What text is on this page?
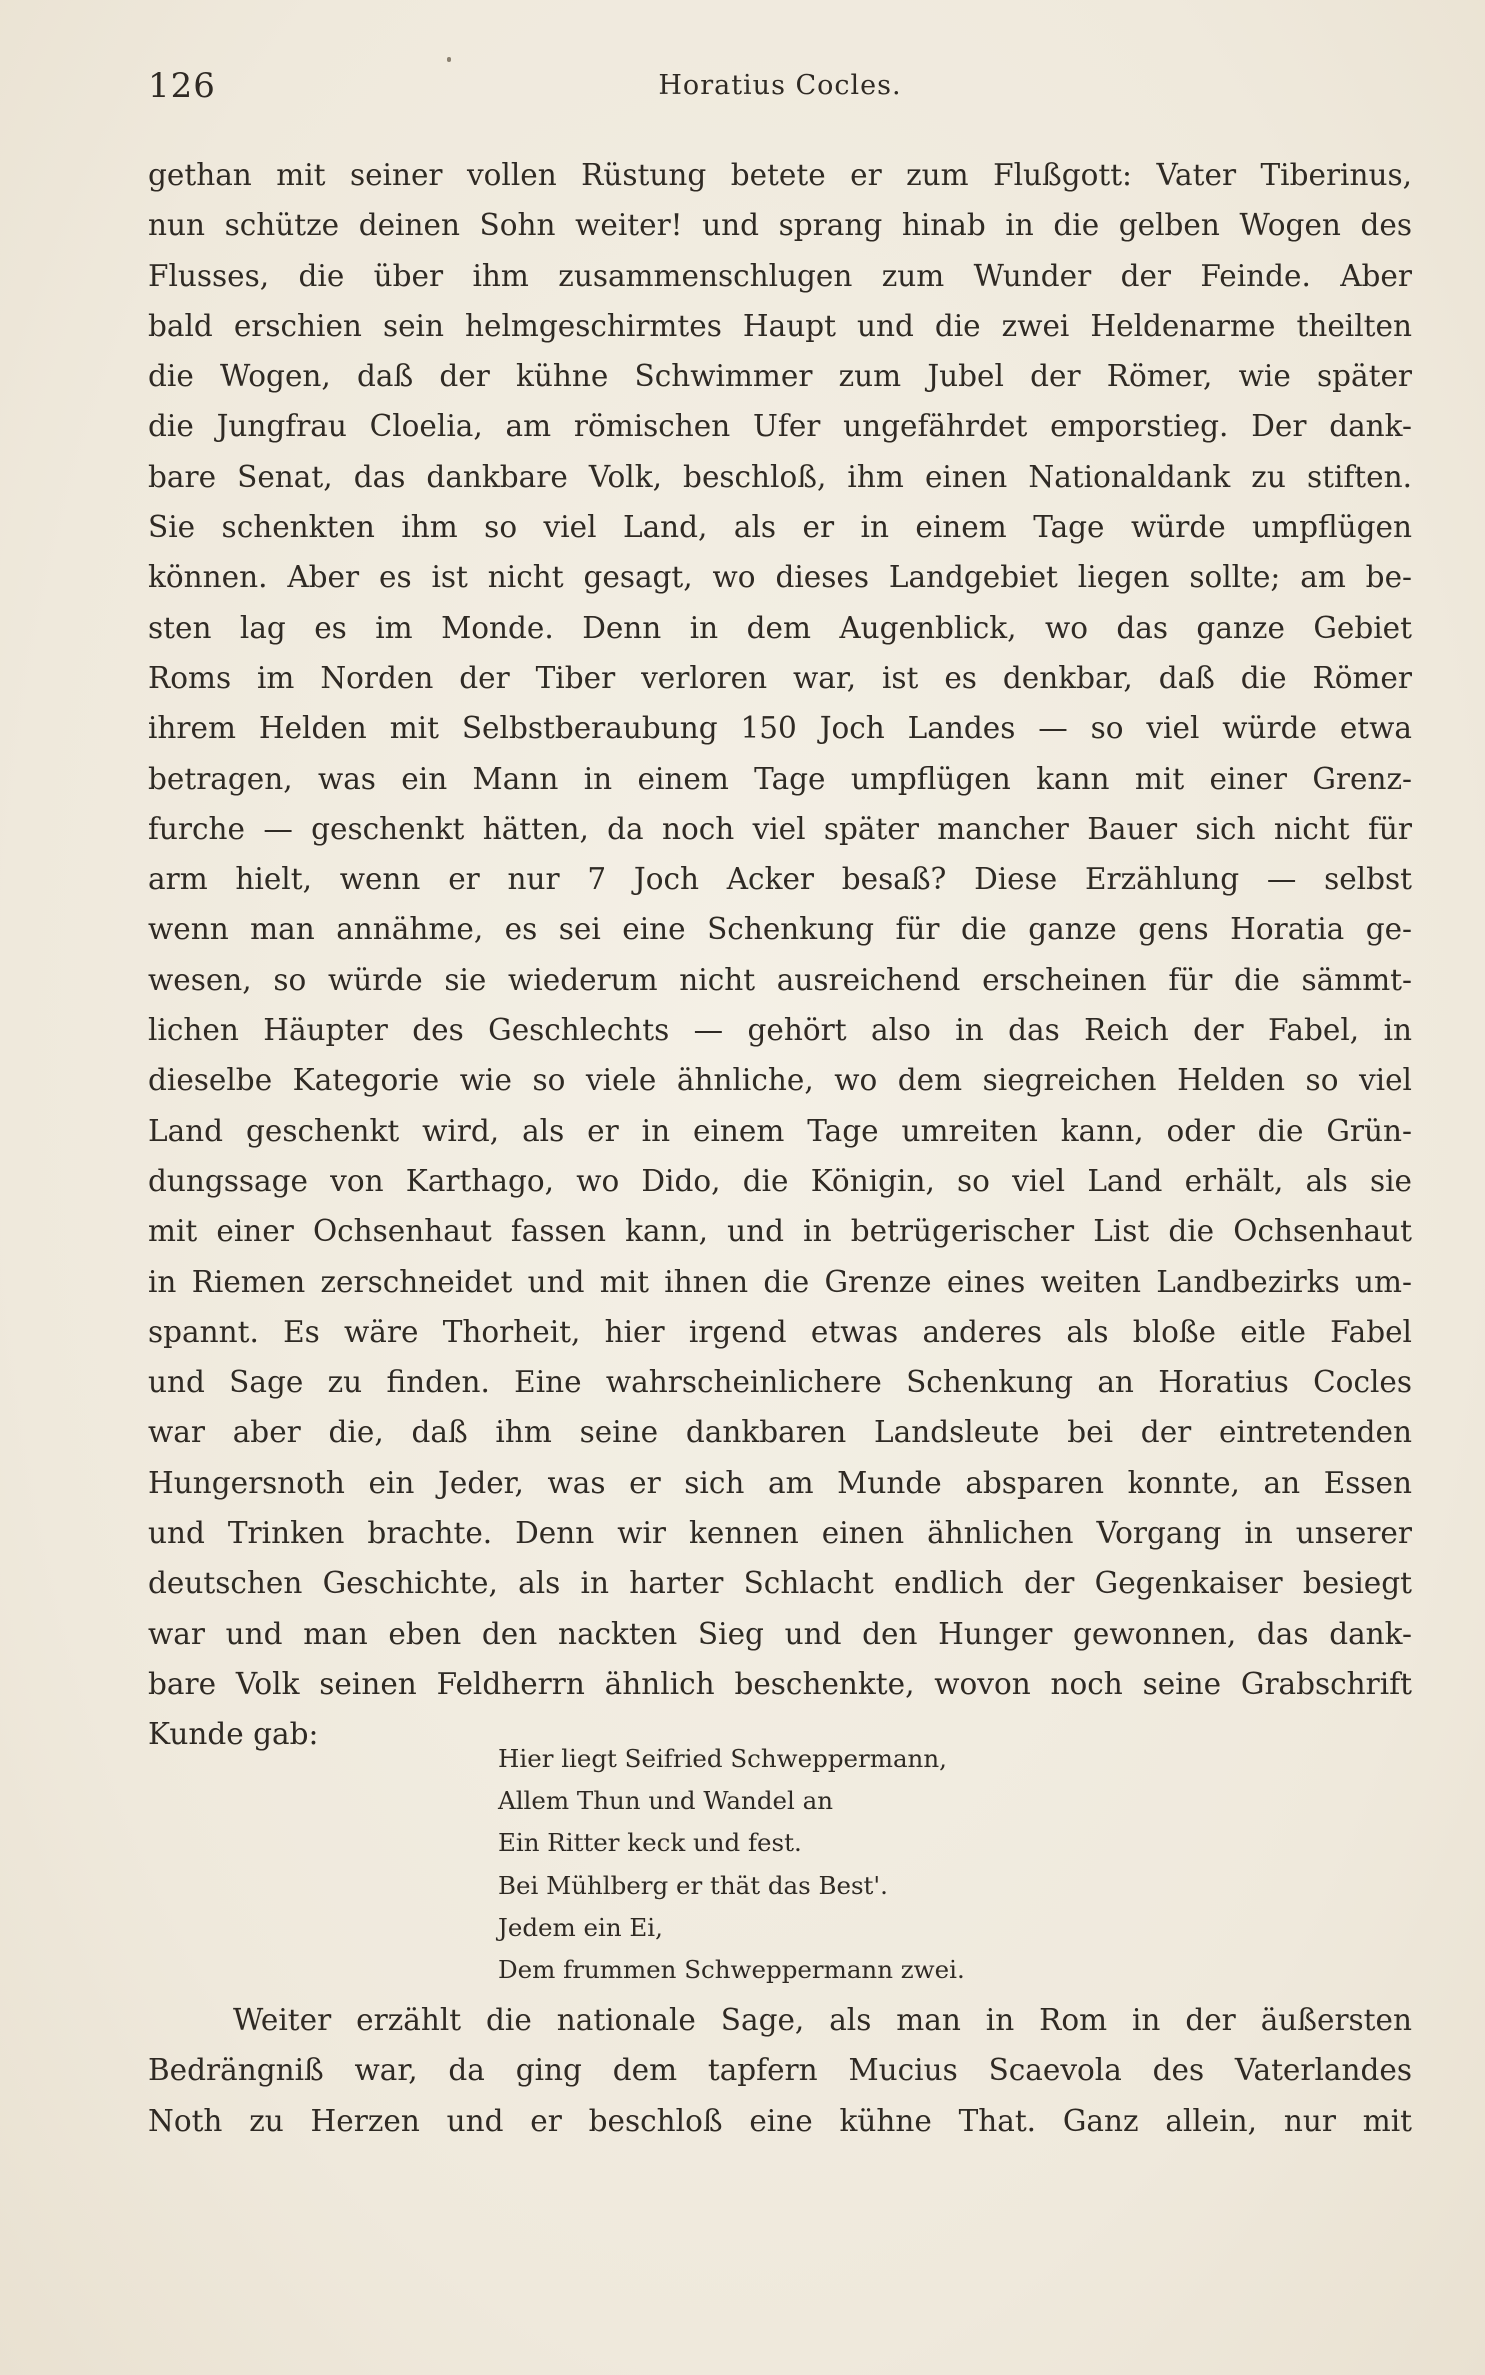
126	Horatius Cocles.
gethan mit seiner vollen Rüstung betete er zum Flußgott: Vater Tiberinus,
nun schütze deinen Sohn weiter! und sprang hinab in die gelben Wogen des
Flusses, die über ihm zusammenschlugen zum Wunder der Feinde. Aber
bald erschien sein helmgeschirmtes Haupt und die zwei Heldenarme theilten
die Wogen, daß der kühne Schwimmer zum Jubel der Römer, wie später
die Jungfrau Cloelia, am römischen Ufer ungefährdet emporstieg. Der dank-
bare Senat, das dankbare Volk, beschloß, ihm einen Nationaldank zu stiften.
Sie schenkten ihm so viel Land, als er in einem Tage würde umpflügen
können. Aber es ist nicht gesagt, wo dieses Landgebiet liegen sollte; am be-
sten lag es im Monde. Denn in dem Augenblick, wo das ganze Gebiet
Roms im Norden der Tiber verloren war, ist es denkbar, daß die Römer
ihrem Helden mit Selbstberaubung 150 Joch Landes — so viel würde etwa
betragen, was ein Mann in einem Tage umpflügen kann mit einer Grenz-
furche — geschenkt hätten, da noch viel später mancher Bauer sich nicht für
arm hielt, wenn er nur 7 Joch Acker besaß? Diese Erzählung — selbst
wenn man annähme, es sei eine Schenkung für die ganze gens Horatia ge-
wesen, so würde sie wiederum nicht ausreichend erscheinen für die sämmt-
lichen Häupter des Geschlechts — gehört also in das Reich der Fabel, in
dieselbe Kategorie wie so viele ähnliche, wo dem siegreichen Helden so viel
Land geschenkt wird, als er in einem Tage umreiten kann, oder die Grün-
dungssage von Karthago, wo Dido, die Königin, so viel Land erhält, als sie
mit einer Ochsenhaut fassen kann, und in betrügerischer List die Ochsenhaut
in Riemen zerschneidet und mit ihnen die Grenze eines weiten Landbezirks um-
spannt. Es wäre Thorheit, hier irgend etwas anderes als bloße eitle Fabel
und Sage zu finden. Eine wahrscheinlichere Schenkung an Horatius Cocles
war aber die, daß ihm seine dankbaren Landsleute bei der eintretenden
Hungersnoth ein Jeder, was er sich am Munde absparen konnte, an Essen
und Trinken brachte. Denn wir kennen einen ähnlichen Vorgang in unserer
deutschen Geschichte, als in harter Schlacht endlich der Gegenkaiser besiegt
war und man eben den nackten Sieg und den Hunger gewonnen, das dank-
bare Volk seinen Feldherrn ähnlich beschenkte, wovon noch seine Grabschrift
Kunde gab:
Hier liegt Seifried Schweppermann,
Allem Thun und Wandel an
Ein Ritter keck und fest.
Bei Mühlberg er thät das Best'.
Jedem ein Ei,
Dem frummen Schweppermann zwei.
Weiter erzählt die nationale Sage, als man in Rom in der äußersten
Bedrängniß war, da ging dem tapfern Mucius Scaevola des Vaterlandes
Noth zu Herzen und er beschloß eine kühne That. Ganz allein, nur mit
